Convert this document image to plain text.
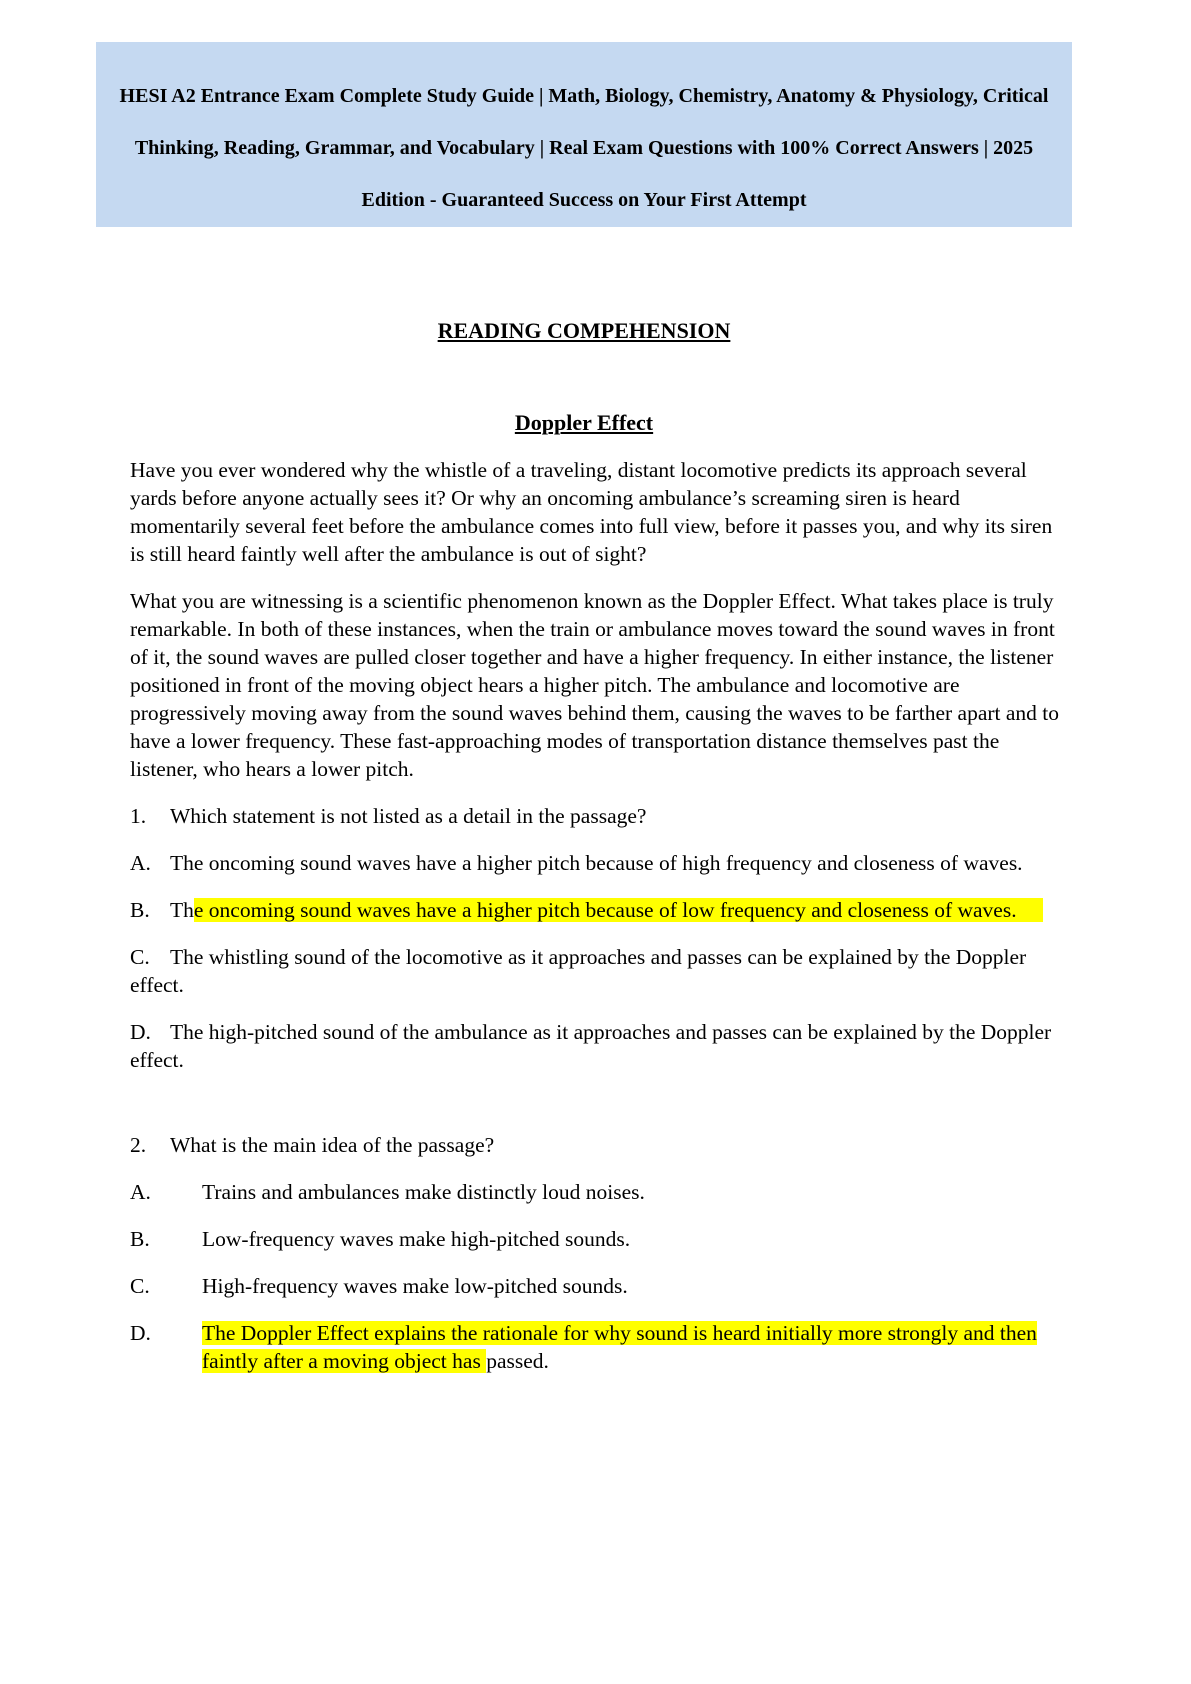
HESI A2 Entrance Exam Complete Study Guide | Math, Biology, Chemistry, Anatomy & Physiology, Critical Thinking, Reading, Grammar, and Vocabulary | Real Exam Questions with 100% Correct Answers | 2025 Edition - Guaranteed Success on Your First Attempt

READING COMPEHENSION
Doppler Effect

Have you ever wondered why the whistle of a traveling, distant locomotive predicts its approach several yards before anyone actually sees it? Or why an oncoming ambulance’s screaming siren is heard momentarily several feet before the ambulance comes into full view, before it passes you, and why its siren is still heard faintly well after the ambulance is out of sight?

What you are witnessing is a scientific phenomenon known as the Doppler Effect. What takes place is truly remarkable. In both of these instances, when the train or ambulance moves toward the sound waves in front of it, the sound waves are pulled closer together and have a higher frequency. In either instance, the listener positioned in front of the moving object hears a higher pitch. The ambulance and locomotive are progressively moving away from the sound waves behind them, causing the waves to be farther apart and to have a lower frequency. These fast-approaching modes of transportation distance themselves past the listener, who hears a lower pitch.

1. Which statement is not listed as a detail in the passage?
A. The oncoming sound waves have a higher pitch because of high frequency and closeness of waves.
B. The oncoming sound waves have a higher pitch because of low frequency and closeness of waves.
C. The whistling sound of the locomotive as it approaches and passes can be explained by the Doppler effect.
D. The high-pitched sound of the ambulance as it approaches and passes can be explained by the Doppler effect.
2. What is the main idea of the passage?
A.	Trains and ambulances make distinctly loud noises.
B.	Low-frequency waves make high-pitched sounds.
C.	High-frequency waves make low-pitched sounds.
D.	The Doppler Effect explains the rationale for why sound is heard initially more strongly and then faintly after a moving object has passed.
